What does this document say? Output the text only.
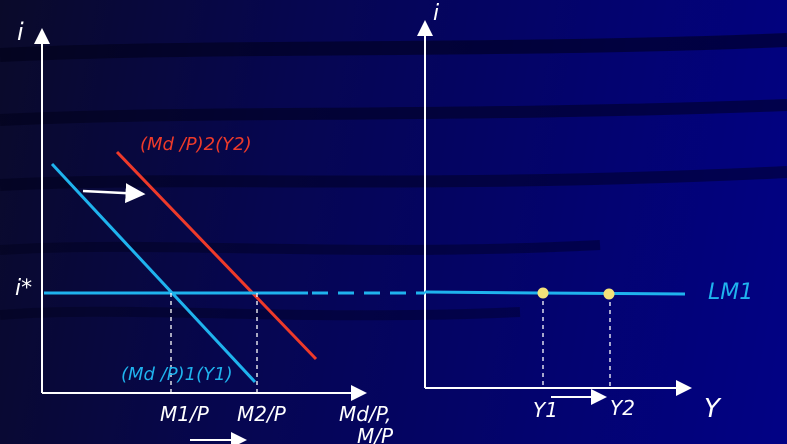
i
i*
(Md /P)2(Y2)
(Md /P)1(Y1)
M1/P M2/P	Md/P,
M/P
i
LM1
Y1	Y2	Y
